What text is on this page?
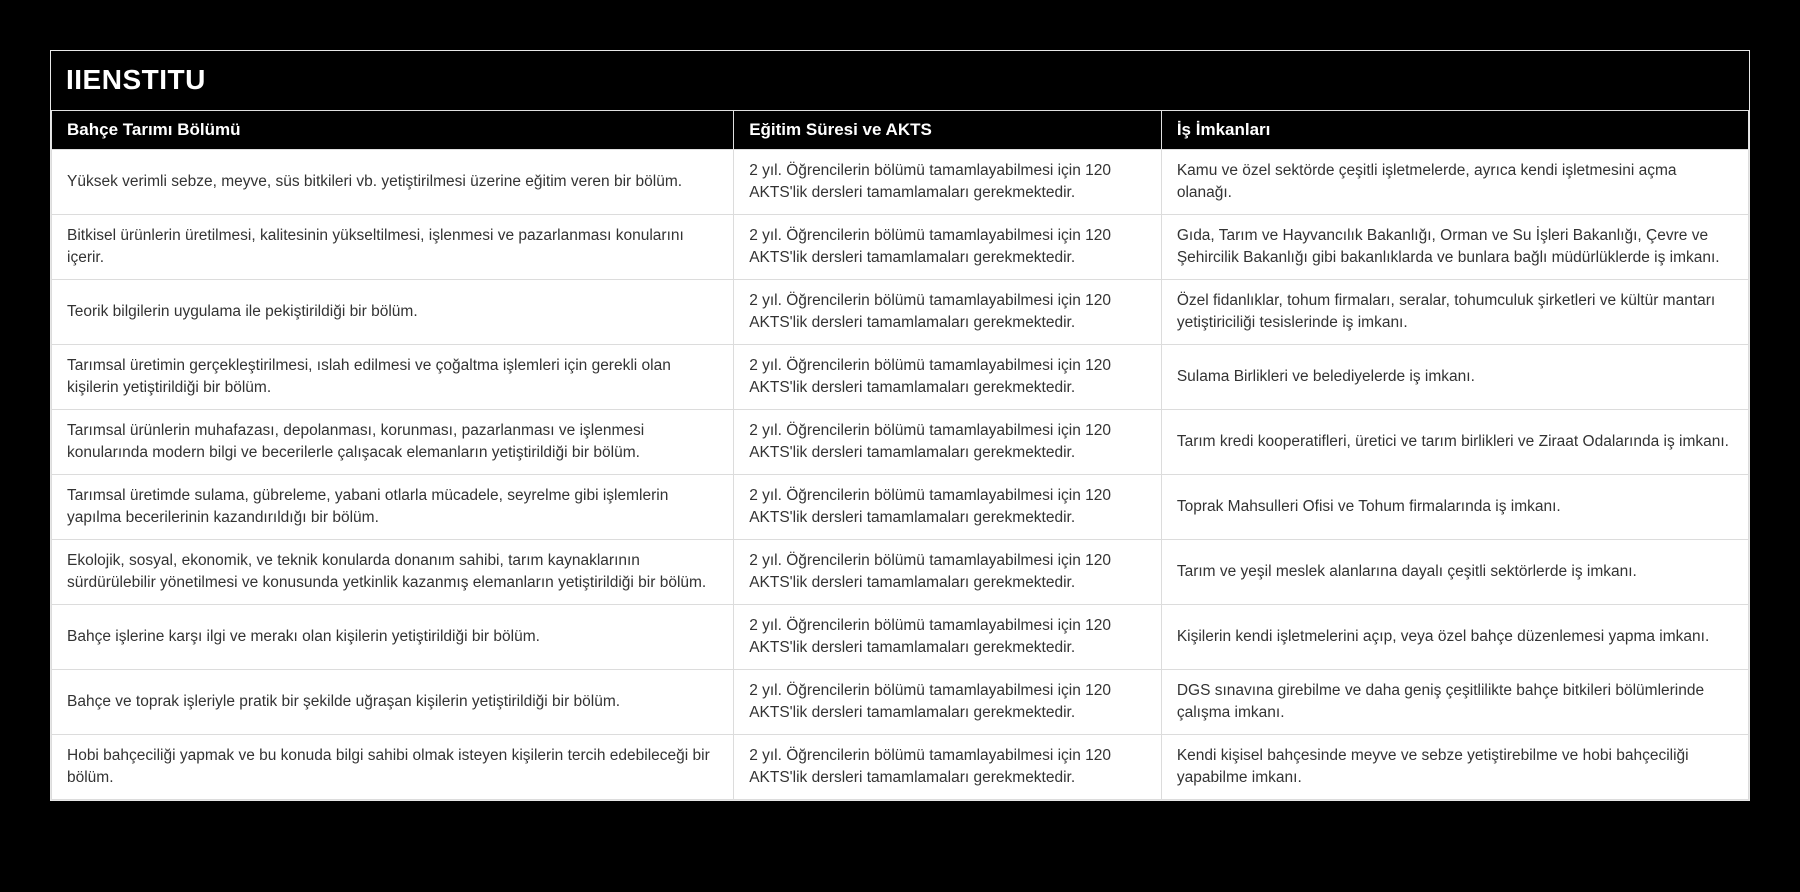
IIENSTITU
Bahçe Tarımı Bölümü	Eğitim Süresi ve AKTS	İş İmkanları
Yüksek verimli sebze, meyve, süs bitkileri vb. yetiştirilmesi üzerine eğitim veren bir bölüm.	2 yıl. Öğrencilerin bölümü tamamlayabilmesi için 120 AKTS'lik dersleri tamamlamaları gerekmektedir.	Kamu ve özel sektörde çeşitli işletmelerde, ayrıca kendi işletmesini açma olanağı.
Bitkisel ürünlerin üretilmesi, kalitesinin yükseltilmesi, işlenmesi ve pazarlanması konularını içerir.	2 yıl. Öğrencilerin bölümü tamamlayabilmesi için 120 AKTS'lik dersleri tamamlamaları gerekmektedir.	Gıda, Tarım ve Hayvancılık Bakanlığı, Orman ve Su İşleri Bakanlığı, Çevre ve Şehircilik Bakanlığı gibi bakanlıklarda ve bunlara bağlı müdürlüklerde iş imkanı.
Teorik bilgilerin uygulama ile pekiştirildiği bir bölüm.	2 yıl. Öğrencilerin bölümü tamamlayabilmesi için 120 AKTS'lik dersleri tamamlamaları gerekmektedir.	Özel fidanlıklar, tohum firmaları, seralar, tohumculuk şirketleri ve kültür mantarı yetiştiriciliği tesislerinde iş imkanı.
Tarımsal üretimin gerçekleştirilmesi, ıslah edilmesi ve çoğaltma işlemleri için gerekli olan kişilerin yetiştirildiği bir bölüm.	2 yıl. Öğrencilerin bölümü tamamlayabilmesi için 120 AKTS'lik dersleri tamamlamaları gerekmektedir.	Sulama Birlikleri ve belediyelerde iş imkanı.
Tarımsal ürünlerin muhafazası, depolanması, korunması, pazarlanması ve işlenmesi konularında modern bilgi ve becerilerle çalışacak elemanların yetiştirildiği bir bölüm.	2 yıl. Öğrencilerin bölümü tamamlayabilmesi için 120 AKTS'lik dersleri tamamlamaları gerekmektedir.	Tarım kredi kooperatifleri, üretici ve tarım birlikleri ve Ziraat Odalarında iş imkanı.
Tarımsal üretimde sulama, gübreleme, yabani otlarla mücadele, seyrelme gibi işlemlerin yapılma becerilerinin kazandırıldığı bir bölüm.	2 yıl. Öğrencilerin bölümü tamamlayabilmesi için 120 AKTS'lik dersleri tamamlamaları gerekmektedir.	Toprak Mahsulleri Ofisi ve Tohum firmalarında iş imkanı.
Ekolojik, sosyal, ekonomik, ve teknik konularda donanım sahibi, tarım kaynaklarının sürdürülebilir yönetilmesi ve konusunda yetkinlik kazanmış elemanların yetiştirildiği bir bölüm.	2 yıl. Öğrencilerin bölümü tamamlayabilmesi için 120 AKTS'lik dersleri tamamlamaları gerekmektedir.	Tarım ve yeşil meslek alanlarına dayalı çeşitli sektörlerde iş imkanı.
Bahçe işlerine karşı ilgi ve merakı olan kişilerin yetiştirildiği bir bölüm.	2 yıl. Öğrencilerin bölümü tamamlayabilmesi için 120 AKTS'lik dersleri tamamlamaları gerekmektedir.	Kişilerin kendi işletmelerini açıp, veya özel bahçe düzenlemesi yapma imkanı.
Bahçe ve toprak işleriyle pratik bir şekilde uğraşan kişilerin yetiştirildiği bir bölüm.	2 yıl. Öğrencilerin bölümü tamamlayabilmesi için 120 AKTS'lik dersleri tamamlamaları gerekmektedir.	DGS sınavına girebilme ve daha geniş çeşitlilikte bahçe bitkileri bölümlerinde çalışma imkanı.
Hobi bahçeciliği yapmak ve bu konuda bilgi sahibi olmak isteyen kişilerin tercih edebileceği bir bölüm.	2 yıl. Öğrencilerin bölümü tamamlayabilmesi için 120 AKTS'lik dersleri tamamlamaları gerekmektedir.	Kendi kişisel bahçesinde meyve ve sebze yetiştirebilme ve hobi bahçeciliği yapabilme imkanı.
